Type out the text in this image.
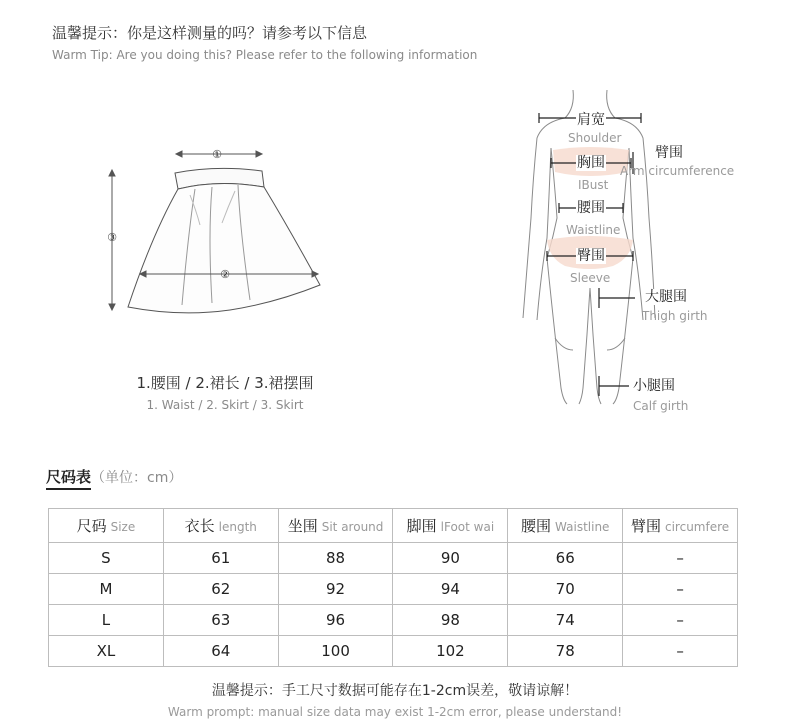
温馨提示：你是这样测量的吗？请参考以下信息
Warm Tip: Are you doing this? Please refer to the following information
①
②
③
1.腰围 / 2.裙长 / 3.裙摆围
1. Waist / 2. Skirt / 3. Skirt
肩宽
Shoulder
胸围
IBust
臂围
Arm circumference
腰围
Waistline
臀围
Sleeve
大腿围
Thigh girth
小腿围
Calf girth
尺码表（单位：cm）
尺码 Size	衣长 length	坐围 Sit around	脚围 lFoot wai	腰围 Waistline	臂围 circumfere
S	61	88	90	66	–
M	62	92	94	70	–
L	63	96	98	74	–
XL	64	100	102	78	–
温馨提示：手工尺寸数据可能存在1-2cm误差，敬请谅解！
Warm prompt: manual size data may exist 1-2cm error, please understand!
